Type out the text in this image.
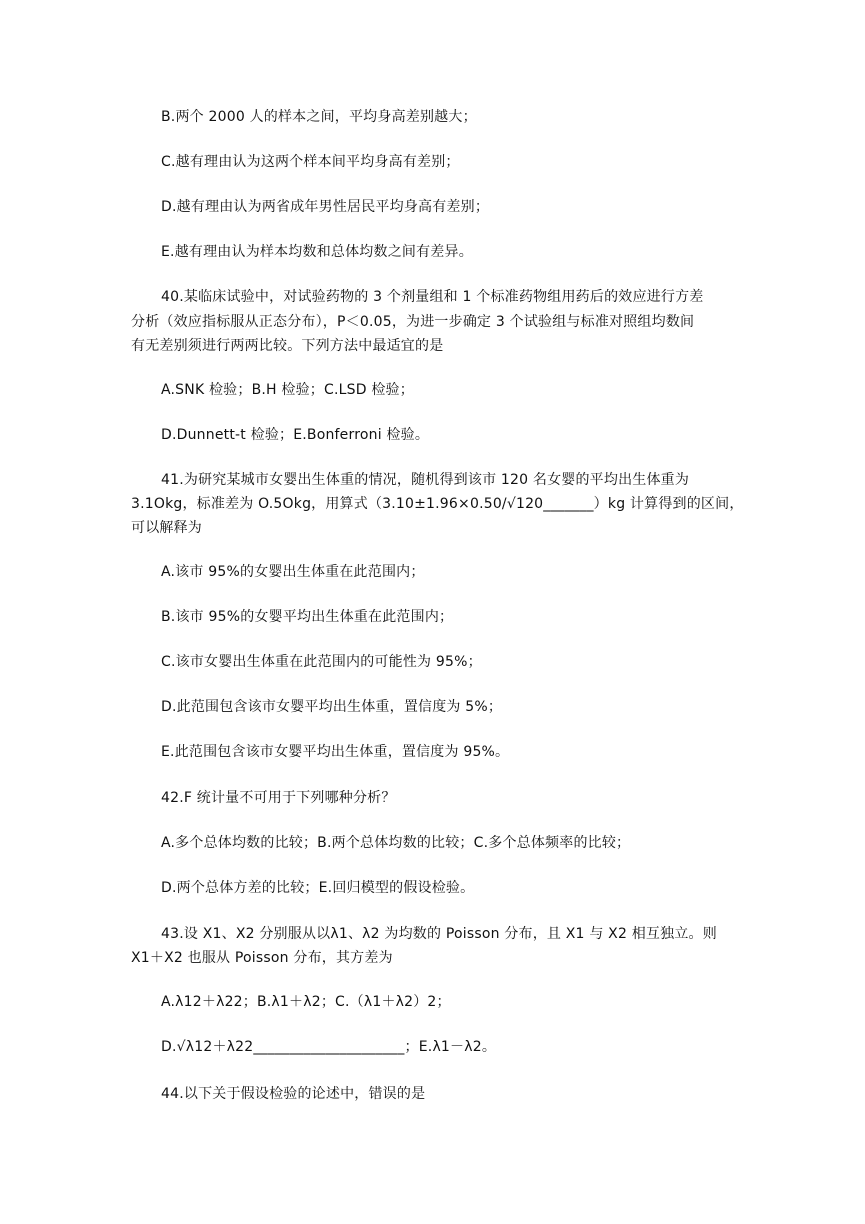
B.两个 2000 人的样本之间，平均身高差别越大；
C.越有理由认为这两个样本间平均身高有差别；
D.越有理由认为两省成年男性居民平均身高有差别；
E.越有理由认为样本均数和总体均数之间有差异。
40.某临床试验中，对试验药物的 3 个剂量组和 1 个标准药物组用药后的效应进行方差
分析（效应指标服从正态分布），P＜0.05，为进一步确定 3 个试验组与标准对照组均数间
有无差别须进行两两比较。下列方法中最适宜的是
A.SNK 检验；B.H 检验；C.LSD 检验；
D.Dunnett-t 检验；E.Bonferroni 检验。
41.为研究某城市女婴出生体重的情况，随机得到该市 120 名女婴的平均出生体重为
3.1Okg，标准差为 O.5Okg，用算式（3.10±1.96×0.50/√120_______）kg 计算得到的区间，
可以解释为
A.该市 95%的女婴出生体重在此范围内；
B.该市 95%的女婴平均出生体重在此范围内；
C.该市女婴出生体重在此范围内的可能性为 95%；
D.此范围包含该市女婴平均出生体重，置信度为 5%；
E.此范围包含该市女婴平均出生体重，置信度为 95%。
42.F 统计量不可用于下列哪种分析？
A.多个总体均数的比较；B.两个总体均数的比较；C.多个总体频率的比较；
D.两个总体方差的比较；E.回归模型的假设检验。
43.设 X1、X2 分别服从以λ1、λ2 为均数的 Poisson 分布，且 X1 与 X2 相互独立。则
X1＋X2 也服从 Poisson 分布，其方差为
A.λ12＋λ22；B.λ1＋λ2；C.（λ1＋λ2）2；
D.√λ12＋λ22_____________________；E.λ1－λ2。
44.以下关于假设检验的论述中，错误的是
